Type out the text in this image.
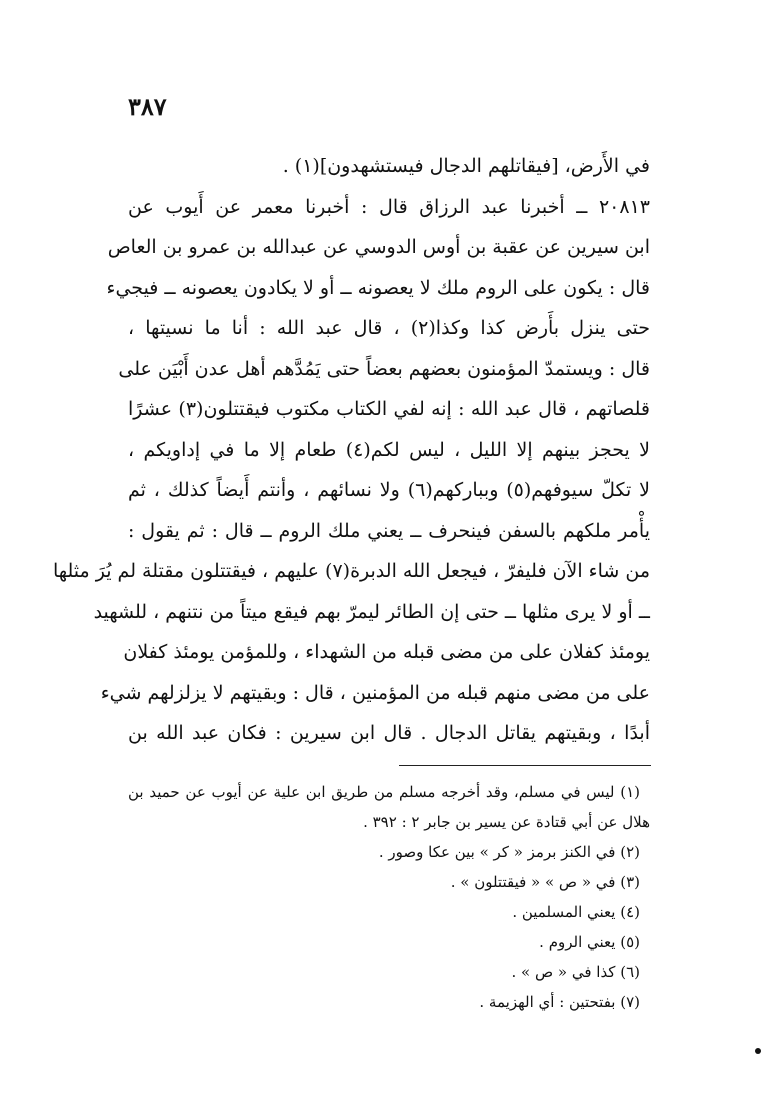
٣٨٧
في الأَرض، [فيقاتلهم الدجال فيستشهدون](١) .
٢٠٨١٣ ــ أخبرنا عبد الرزاق قال : أخبرنا معمر عن أَيوب عن
ابن سيرين عن عقبة بن أوس الدوسي عن عبدالله بن عمرو بن العاص
قال : يكون على الروم ملك لا يعصونه ــ أو لا يكادون يعصونه ــ فيجيء
حتى ينزل بأَرض كذا وكذا(٢) ، قال عبد الله : أنا ما نسيتها ،
قال : ويستمدّ المؤمنون بعضهم بعضاً حتى يَمُدَّهم أهل عدن أَبْيَن على
قلصاتهم ، قال عبد الله : إنه لفي الكتاب مكتوب فيقتتلون(٣) عشرًا
لا يحجز بينهم إلا الليل ، ليس لكم(٤) طعام إلا ما في إداويكم ،
لا تكلّ سيوفهم(٥) وبباركهم(٦) ولا نسائهم ، وأنتم أَيضاً كذلك ، ثم
يأْمر ملكهم بالسفن فينحرف ــ يعني ملك الروم ــ قال : ثم يقول :
من شاء الآن فليفرّ ، فيجعل الله الدبرة(٧) عليهم ، فيقتتلون مقتلة لم يُرَ مثلها
ــ أو لا يرى مثلها ــ حتى إن الطائر ليمرّ بهم فيقع ميتاً من نتنهم ، للشهيد
يومئذ كفلان على من مضى قبله من الشهداء ، وللمؤمن يومئذ كفلان
على من مضى منهم قبله من المؤمنين ، قال : وبقيتهم لا يزلزلهم شيء
أبدًا ، وبقيتهم يقاتل الدجال . قال ابن سيرين : فكان عبد الله بن
(١) ليس في مسلم، وقد أخرجه مسلم من طريق ابن علية عن أيوب عن حميد بن
هلال عن أبي قتادة عن يسير بن جابر ٢ : ٣٩٢ .
(٢) في الكنز برمز « كر » بين عكا وصور .
(٣) في « ص » « فيقتتلون » .
(٤) يعني المسلمين .
(٥) يعني الروم .
(٦) كذا في « ص » .
(٧) بفتحتين : أي الهزيمة .
